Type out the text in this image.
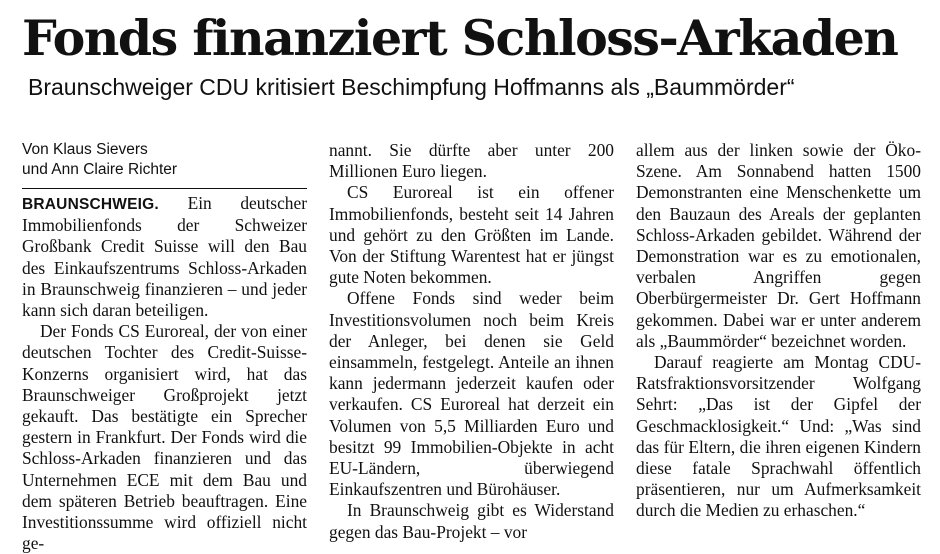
Fonds finanziert Schloss-Arkaden
Braunschweiger CDU kritisiert Beschimpfung Hoffmanns als „Baummörder“
Von Klaus Sievers
und Ann Claire Richter

BRAUNSCHWEIG. Ein deutscher Immobilienfonds der Schweizer Großbank Credit Suisse will den Bau des Einkaufszentrums Schloss-Arkaden in Braunschweig finanzieren – und jeder kann sich daran beteiligen.

Der Fonds CS Euroreal, der von einer deutschen Tochter des Credit-Suisse-Konzerns organisiert wird, hat das Braunschweiger Großprojekt jetzt gekauft. Das bestätigte ein Sprecher gestern in Frankfurt. Der Fonds wird die Schloss-Arkaden finanzieren und das Unternehmen ECE mit dem Bau und dem späteren Betrieb beauftragen. Eine Investitionssumme wird offiziell nicht ge-

nannt. Sie dürfte aber unter 200 Millionen Euro liegen.

CS Euroreal ist ein offener Immobilienfonds, besteht seit 14 Jahren und gehört zu den Größten im Lande. Von der Stiftung Warentest hat er jüngst gute Noten bekommen.

Offene Fonds sind weder beim Investitionsvolumen noch beim Kreis der Anleger, bei denen sie Geld einsammeln, festgelegt. Anteile an ihnen kann jedermann jederzeit kaufen oder verkaufen. CS Euroreal hat derzeit ein Volumen von 5,5 Milliarden Euro und besitzt 99 Immobilien-Objekte in acht EU-Ländern, überwiegend Einkaufszentren und Bürohäuser.

In Braunschweig gibt es Widerstand gegen das Bau-Projekt – vor

allem aus der linken sowie der Öko-Szene. Am Sonnabend hatten 1500 Demonstranten eine Menschenkette um den Bauzaun des Areals der geplanten Schloss-Arkaden gebildet. Während der Demonstration war es zu emotionalen, verbalen Angriffen gegen Oberbürgermeister Dr. Gert Hoffmann gekommen. Dabei war er unter anderem als „Baummörder“ bezeichnet worden.

Darauf reagierte am Montag CDU-Ratsfraktionsvorsitzender Wolfgang Sehrt: „Das ist der Gipfel der Geschmacklosigkeit.“ Und: „Was sind das für Eltern, die ihren eigenen Kindern diese fatale Sprachwahl öffentlich präsentieren, nur um Aufmerksamkeit durch die Medien zu erhaschen.“
